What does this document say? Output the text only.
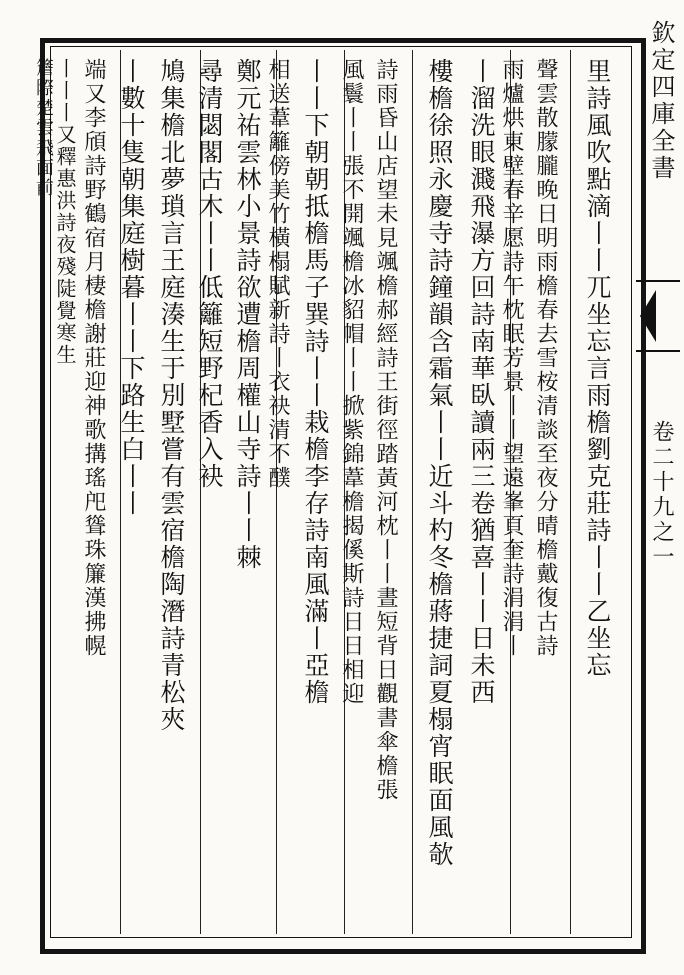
欽定四庫全書
卷二十九之一
里詩風吹點滴丨丨兀坐忘言雨檐劉克莊詩丨丨乙坐忘
聲雲散朦朧晚日明雨檐春去雪桉清談至夜分晴檐戴復古詩
雨爐烘東壁春辛愿詩午枕眠芳景丨丨望遠峯頁奎詩涓涓丨
丨溜洗眼濺飛瀑方回詩南華臥讀兩三卷猶喜丨丨日未西
樓檐徐照永慶寺詩鐘韻含霜氣丨丨近斗杓冬檐蔣捷詞夏榻宵眠面風欹
詩雨昏山店望未見颯檐郝經詩王街徑踏黃河枕丨丨晝短背日觀書傘檐張
風鬟丨丨張不開颯檐冰貂帽丨丨掀紫錦葦檐揭傒斯詩日日相迎
丨丨下朝朝抵檐馬子巽詩丨丨栽檐李存詩南風滿丨亞檐
相送葦籬傍美竹橫榻賦新詩丨衣袂清不醭
鄭元祐雲林小景詩欲遭檐周權山寺詩丨丨棘
尋清閟閣古木丨丨低籬短野杞香入袂
鳩集檐北夢瑣言王庭湊生于別墅嘗有雲宿檐陶潛詩青松夾
丨數十隻朝集庭樹暮丨丨下路生白丨丨
端又李頎詩野鶴宿月棲檐謝莊迎神歌搆瑤戺聳珠簾漢拂幌
丨丨丨又釋惠洪詩夜殘陡覺寒生
簷際楚雲飛面前
